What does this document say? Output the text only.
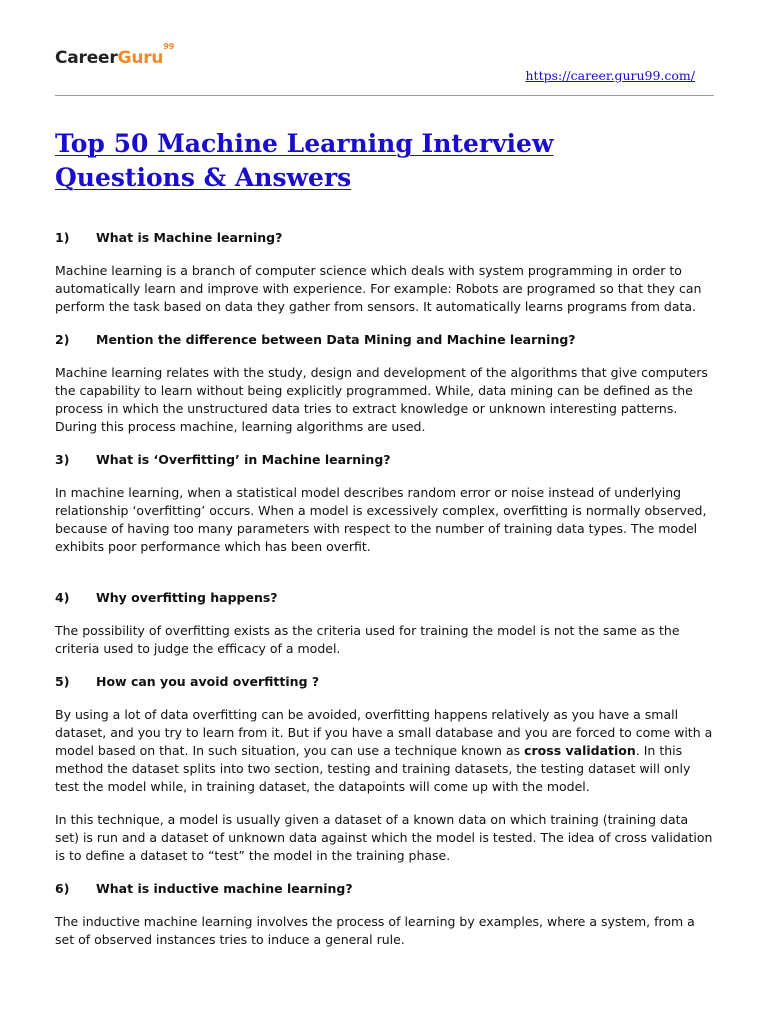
CareerGuru$^{99}$
https://career.guru99.com/
Top 50 Machine Learning Interview Questions & Answers

1)	What is Machine learning?

Machine learning is a branch of computer science which deals with system programming in order to automatically learn and improve with experience. For example: Robots are programed so that they can perform the task based on data they gather from sensors. It automatically learns programs from data.

2)	Mention the difference between Data Mining and Machine learning?

Machine learning relates with the study, design and development of the algorithms that give computers the capability to learn without being explicitly programmed. While, data mining can be defined as the process in which the unstructured data tries to extract knowledge or unknown interesting patterns. During this process machine, learning algorithms are used.

3)	What is ‘Overfitting’ in Machine learning?

In machine learning, when a statistical model describes random error or noise instead of underlying relationship ‘overfitting’ occurs. When a model is excessively complex, overfitting is normally observed, because of having too many parameters with respect to the number of training data types. The model exhibits poor performance which has been overfit.

4)	Why overfitting happens?

The possibility of overfitting exists as the criteria used for training the model is not the same as the criteria used to judge the efficacy of a model.

5)	How can you avoid overfitting ?

By using a lot of data overfitting can be avoided, overfitting happens relatively as you have a small dataset, and you try to learn from it. But if you have a small database and you are forced to come with a model based on that. In such situation, you can use a technique known as cross validation. In this method the dataset splits into two section, testing and training datasets, the testing dataset will only test the model while, in training dataset, the datapoints will come up with the model.

In this technique, a model is usually given a dataset of a known data on which training (training data set) is run and a dataset of unknown data against which the model is tested. The idea of cross validation is to define a dataset to “test” the model in the training phase.

6)	What is inductive machine learning?

The inductive machine learning involves the process of learning by examples, where a system, from a set of observed instances tries to induce a general rule.
